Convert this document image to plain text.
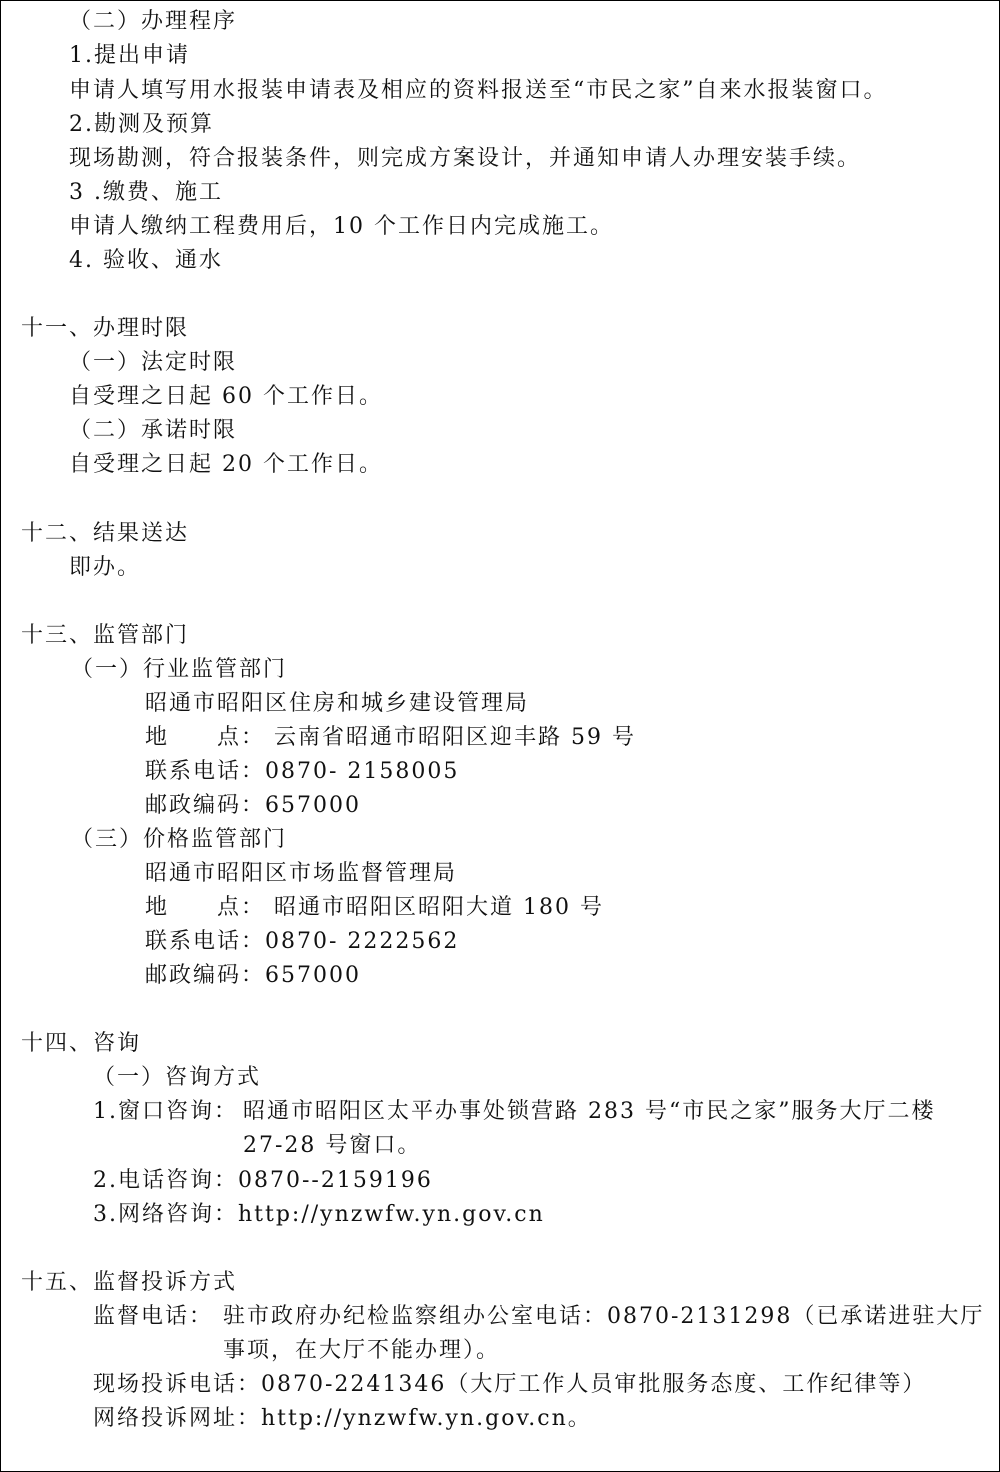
（二）办理程序
1.提出申请
申请人填写用水报装申请表及相应的资料报送至“市民之家”自来水报装窗口。
2.勘测及预算
现场勘测，符合报装条件，则完成方案设计，并通知申请人办理安装手续。
3 .缴费、施工
申请人缴纳工程费用后，10 个工作日内完成施工。
4. 验收、通水
十一、办理时限
（一）法定时限
自受理之日起 60 个工作日。
（二）承诺时限
自受理之日起 20 个工作日。
十二、结果送达
即办。
十三、监管部门
（一）行业监管部门
昭通市昭阳区住房和城乡建设管理局
地　　点： 云南省昭通市昭阳区迎丰路 59 号
联系电话：0870- 2158005
邮政编码：657000
（三）价格监管部门
昭通市昭阳区市场监督管理局
地　　点： 昭通市昭阳区昭阳大道 180 号
联系电话：0870- 2222562
邮政编码：657000
十四、咨询
（一）咨询方式
1.窗口咨询： 昭通市昭阳区太平办事处锁营路 283 号“市民之家”服务大厅二楼
27-28 号窗口。
2.电话咨询：0870--2159196
3.网络咨询：http://ynzwfw.yn.gov.cn
十五、监督投诉方式
监督电话： 驻市政府办纪检监察组办公室电话：0870-2131298（已承诺进驻大厅
事项，在大厅不能办理）。
现场投诉电话：0870-2241346（大厅工作人员审批服务态度、工作纪律等）
网络投诉网址：http://ynzwfw.yn.gov.cn。
